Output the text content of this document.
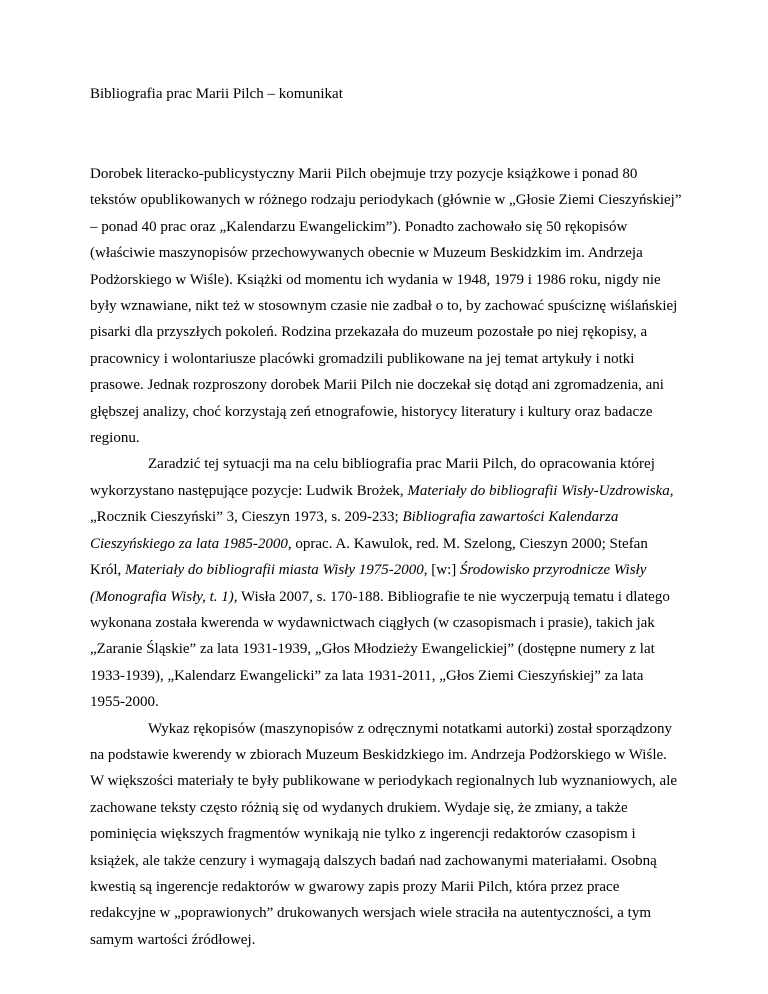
Bibliografia prac Marii Pilch – komunikat

Dorobek literacko-publicystyczny Marii Pilch obejmuje trzy pozycje książkowe i ponad 80 tekstów opublikowanych w różnego rodzaju periodykach (głównie w „Głosie Ziemi Cieszyńskiej” – ponad 40 prac oraz „Kalendarzu Ewangelickim”). Ponadto zachowało się 50 rękopisów (właściwie maszynopisów przechowywanych obecnie w Muzeum Beskidzkim im. Andrzeja Podżorskiego w Wiśle). Książki od momentu ich wydania w 1948, 1979 i 1986 roku, nigdy nie były wznawiane, nikt też w stosownym czasie nie zadbał o to, by zachować spuściznę wiślańskiej pisarki dla przyszłych pokoleń. Rodzina przekazała do muzeum pozostałe po niej rękopisy, a pracownicy i wolontariusze placówki gromadzili publikowane na jej temat artykuły i notki prasowe. Jednak rozproszony dorobek Marii Pilch nie doczekał się dotąd ani zgromadzenia, ani głębszej analizy, choć korzystają zeń etnografowie, historycy literatury i kultury oraz badacze regionu.

Zaradzić tej sytuacji ma na celu bibliografia prac Marii Pilch, do opracowania której wykorzystano następujące pozycje: Ludwik Brożek, Materiały do bibliografii Wisły-Uzdrowiska, „Rocznik Cieszyński” 3, Cieszyn 1973, s. 209-233; Bibliografia zawartości Kalendarza Cieszyńskiego za lata 1985-2000, oprac. A. Kawulok, red. M. Szelong, Cieszyn 2000; Stefan Król, Materiały do bibliografii miasta Wisły 1975-2000, [w:] Środowisko przyrodnicze Wisły (Monografia Wisły, t. 1), Wisła 2007, s. 170-188. Bibliografie te nie wyczerpują tematu i dlatego wykonana została kwerenda w wydawnictwach ciągłych (w czasopismach i prasie), takich jak „Zaranie Śląskie” za lata 1931-1939, „Głos Młodzieży Ewangelickiej” (dostępne numery z lat 1933-1939), „Kalendarz Ewangelicki” za lata 1931-2011, „Głos Ziemi Cieszyńskiej” za lata 1955-2000.

Wykaz rękopisów (maszynopisów z odręcznymi notatkami autorki) został sporządzony na podstawie kwerendy w zbiorach Muzeum Beskidzkiego im. Andrzeja Podżorskiego w Wiśle. W większości materiały te były publikowane w periodykach regionalnych lub wyznaniowych, ale zachowane teksty często różnią się od wydanych drukiem. Wydaje się, że zmiany, a także pominięcia większych fragmentów wynikają nie tylko z ingerencji redaktorów czasopism i książek, ale także cenzury i wymagają dalszych badań nad zachowanymi materiałami. Osobną kwestią są ingerencje redaktorów w gwarowy zapis prozy Marii Pilch, która przez prace redakcyjne w „poprawionych” drukowanych wersjach wiele straciła na autentyczności, a tym samym wartości źródłowej.
